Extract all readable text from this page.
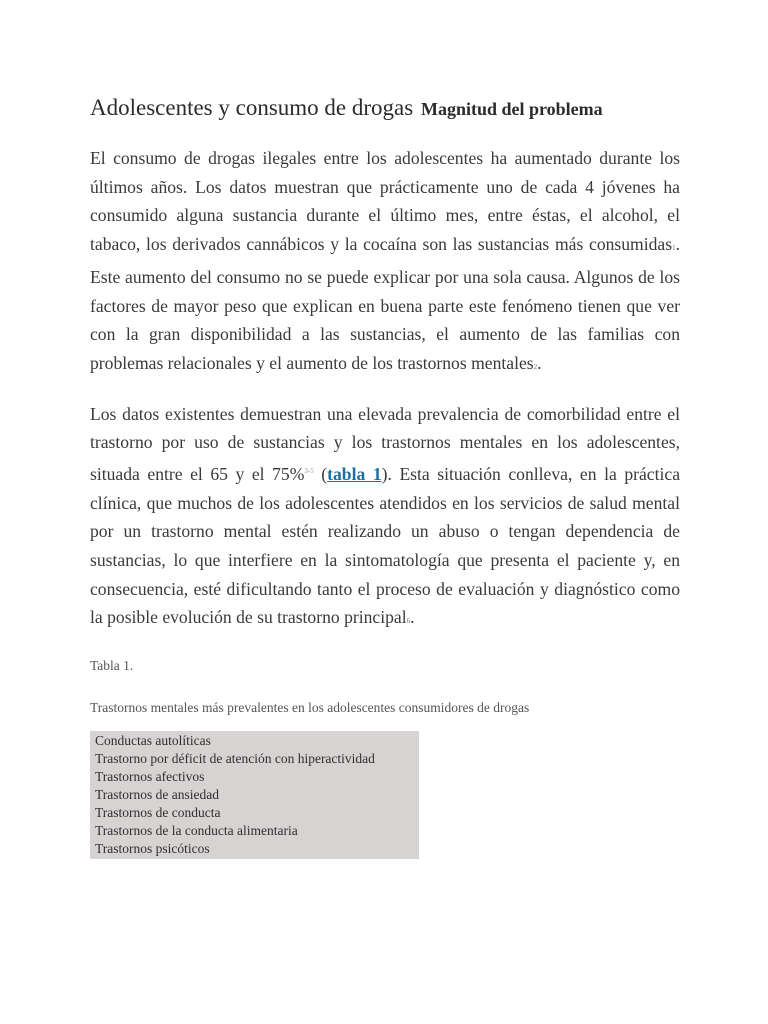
Adolescentes y consumo de drogas Magnitud del problema

El consumo de drogas ilegales entre los adolescentes ha aumentado durante los últimos años. Los datos muestran que prácticamente uno de cada 4 jóvenes ha consumido alguna sustancia durante el último mes, entre éstas, el alcohol, el tabaco, los derivados cannábicos y la cocaína son las sustancias más consumidas1. Este aumento del consumo no se puede explicar por una sola causa. Algunos de los factores de mayor peso que explican en buena parte este fenómeno tienen que ver con la gran disponibilidad a las sustancias, el aumento de las familias con problemas relacionales y el aumento de los trastornos mentales2.

Los datos existentes demuestran una elevada prevalencia de comorbilidad entre el trastorno por uso de sustancias y los trastornos mentales en los adolescentes, situada entre el 65 y el 75%$^{3-5}$ (tabla 1). Esta situación conlleva, en la práctica clínica, que muchos de los adolescentes atendidos en los servicios de salud mental por un trastorno mental estén realizando un abuso o tengan dependencia de sustancias, lo que interfiere en la sintomatología que presenta el paciente y, en consecuencia, esté dificultando tanto el proceso de evaluación y diagnóstico como la posible evolución de su trastorno principal6.

Tabla 1.
Trastornos mentales más prevalentes en los adolescentes consumidores de drogas
Conductas autolíticas
Trastorno por déficit de atención con hiperactividad
Trastornos afectivos
Trastornos de ansiedad
Trastornos de conducta
Trastornos de la conducta alimentaria
Trastornos psicóticos
